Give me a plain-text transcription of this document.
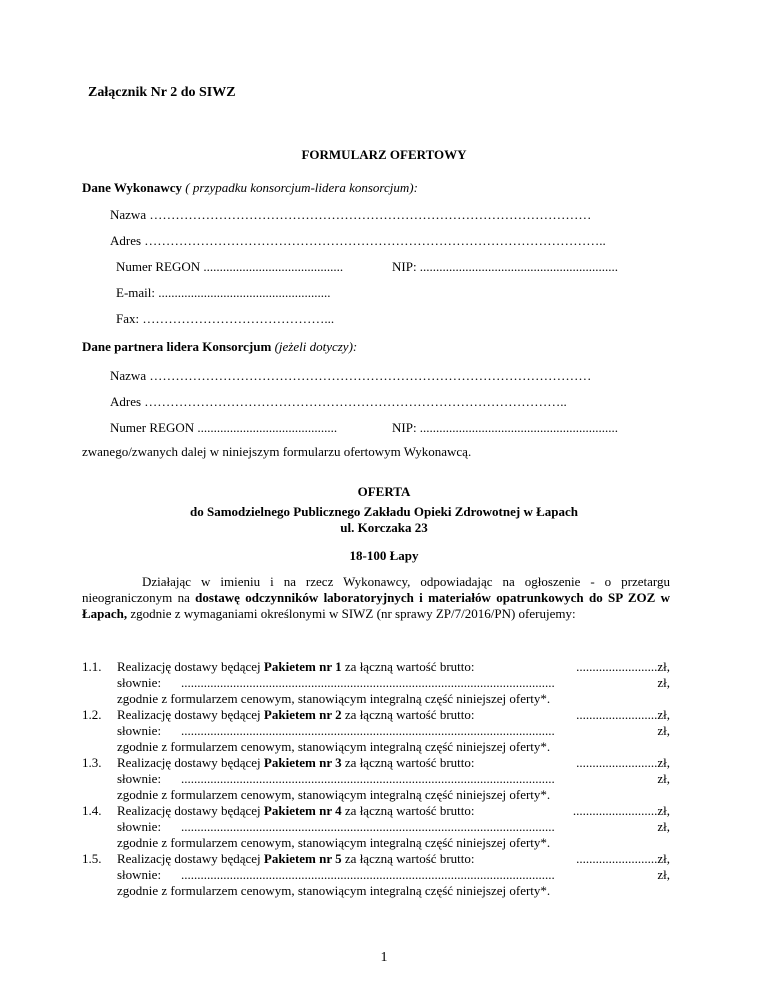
Załącznik Nr 2 do SIWZ
FORMULARZ OFERTOWY
Dane Wykonawcy ( przypadku konsorcjum-lidera konsorcjum):
Nazwa …………………………………………………………………………………………
Adres ……………………………………………………………………………………………..
Numer REGON ...........................................	NIP: .............................................................
E-mail: .....................................................
Fax: ……………………………………...
Dane partnera lidera Konsorcjum (jeżeli dotyczy):
Nazwa …………………………………………………………………………………………
Adres ……………………………………………………………………………………..
Numer REGON ...........................................	NIP: .............................................................
zwanego/zwanych dalej w niniejszym formularzu ofertowym Wykonawcą.
OFERTA
do Samodzielnego Publicznego Zakładu Opieki Zdrowotnej w Łapach
ul. Korczaka 23
18-100 Łapy
Działając w imieniu i na rzecz Wykonawcy, odpowiadając na ogłoszenie - o przetargu nieograniczonym na dostawę odczynników laboratoryjnych i materiałów opatrunkowych do SP ZOZ w Łapach, zgodnie z wymaganiami określonymi w SIWZ (nr sprawy ZP/7/2016/PN) oferujemy:
1.1. Realizację dostawy będącej Pakietem nr 1 za łączną wartość brutto:	.........................zł,
słownie: ...................................................................................................................	zł,
zgodnie z formularzem cenowym, stanowiącym integralną część niniejszej oferty*.
1.2. Realizację dostawy będącej Pakietem nr 2 za łączną wartość brutto:	.........................zł,
słownie: ...................................................................................................................	zł,
zgodnie z formularzem cenowym, stanowiącym integralną część niniejszej oferty*.
1.3. Realizację dostawy będącej Pakietem nr 3 za łączną wartość brutto:	.........................zł,
słownie: ...................................................................................................................	zł,
zgodnie z formularzem cenowym, stanowiącym integralną część niniejszej oferty*.
1.4. Realizację dostawy będącej Pakietem nr 4 za łączną wartość brutto:	..........................zł,
słownie: ...................................................................................................................	zł,
zgodnie z formularzem cenowym, stanowiącym integralną część niniejszej oferty*.
1.5. Realizację dostawy będącej Pakietem nr 5 za łączną wartość brutto:	.........................zł,
słownie: ...................................................................................................................	zł,
zgodnie z formularzem cenowym, stanowiącym integralną część niniejszej oferty*.
1
